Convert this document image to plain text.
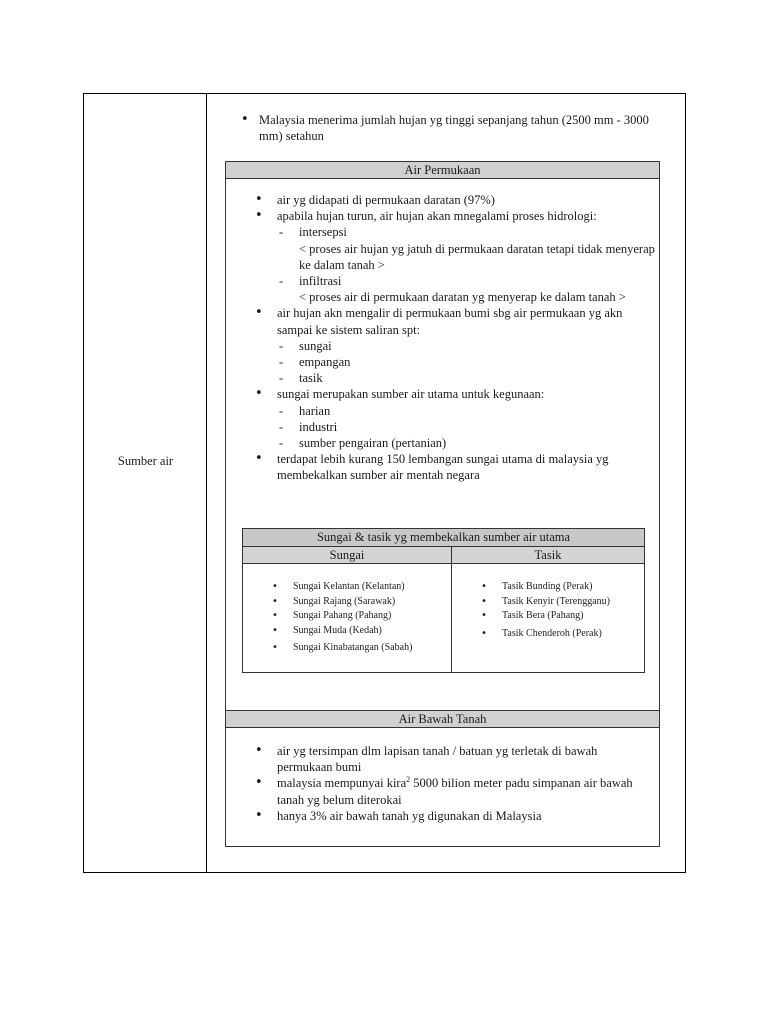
Sumber air
• Malaysia menerima jumlah hujan yg tinggi sepanjang tahun (2500 mm - 3000 mm) setahun
Air Permukaan
• air yg didapati di permukaan daratan (97%)
• apabila hujan turun, air hujan akan mnegalami proses hidrologi:
- intersepsi
< proses air hujan yg jatuh di permukaan daratan tetapi tidak menyerap ke dalam tanah >
- infiltrasi
< proses air di permukaan daratan yg menyerap ke dalam tanah >
• air hujan akn mengalir di permukaan bumi sbg air permukaan yg akn sampai ke sistem saliran spt:
- sungai
- empangan
- tasik
• sungai merupakan sumber air utama untuk kegunaan:
- harian
- industri
- sumber pengairan (pertanian)
• terdapat lebih kurang 150 lembangan sungai utama di malaysia yg membekalkan sumber air mentah negara
Sungai & tasik yg membekalkan sumber air utama
Sungai	Tasik
• Sungai Kelantan (Kelantan)
• Sungai Rajang (Sarawak)
• Sungai Pahang (Pahang)
• Sungai Muda (Kedah)
• Sungai Kinabatangan (Sabah)
• Tasik Bunding (Perak)
• Tasik Kenyir (Terengganu)
• Tasik Bera (Pahang)
• Tasik Chenderoh (Perak)
Air Bawah Tanah
• air yg tersimpan dlm lapisan tanah / batuan yg terletak di bawah permukaan bumi
• malaysia mempunyai kira$^2$ 5000 bilion meter padu simpanan air bawah tanah yg belum diterokai
• hanya 3% air bawah tanah yg digunakan di Malaysia
